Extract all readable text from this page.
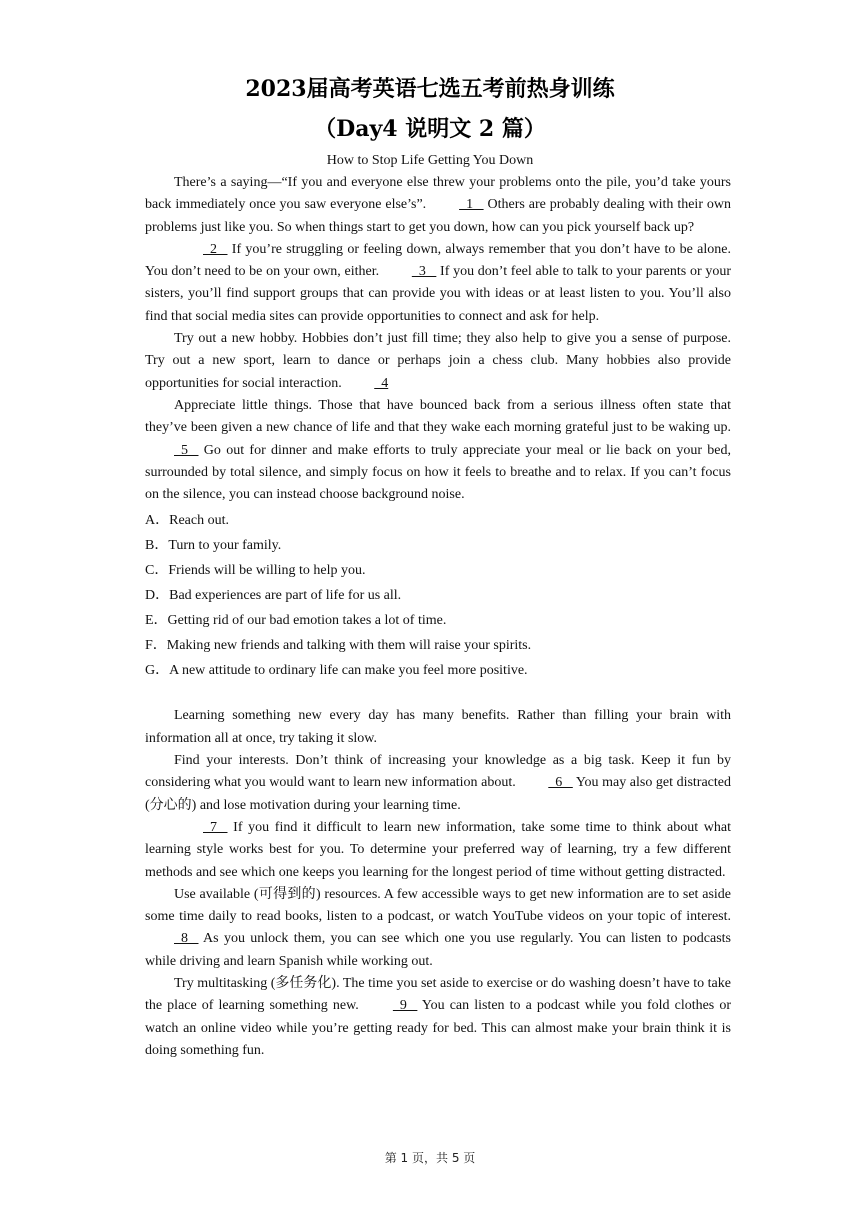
2023届高考英语七选五考前热身训练
（Day4 说明文 2 篇）
How to Stop Life Getting You Down

There’s a saying—“If you and everyone else threw your problems onto the pile, you’d take yours back immediately once you saw everyone else’s”.   1    Others are probably dealing with their own problems just like you. So when things start to get you down, how can you pick yourself back up?

2    If you’re struggling or feeling down, always remember that you don’t have to be alone. You don’t need to be on your own, either.   3    If you don’t feel able to talk to your parents or your sisters, you’ll find support groups that can provide you with ideas or at least listen to you. You’ll also find that social media sites can provide opportunities to connect and ask for help.

Try out a new hobby. Hobbies don’t just fill time; they also help to give you a sense of purpose. Try out a new sport, learn to dance or perhaps join a chess club. Many hobbies also provide opportunities for social interaction.   4

Appreciate little things. Those that have bounced back from a serious illness often state that they’ve been given a new chance of life and that they wake each morning grateful just to be waking up.   5    Go out for dinner and make efforts to truly appreciate your meal or lie back on your bed, surrounded by total silence, and simply focus on how it feels to breathe and to relax. If you can’t focus on the silence, you can instead choose background noise.

A．Reach out.

B．Turn to your family.

C．Friends will be willing to help you.

D．Bad experiences are part of life for us all.

E．Getting rid of our bad emotion takes a lot of time.

F．Making new friends and talking with them will raise your spirits.

G．A new attitude to ordinary life can make you feel more positive.

Learning something new every day has many benefits. Rather than filling your brain with information all at once, try taking it slow.

Find your interests. Don’t think of increasing your knowledge as a big task. Keep it fun by considering what you would want to learn new information about.   6    You may also get distracted (分心的) and lose motivation during your learning time.

7    If you find it difficult to learn new information, take some time to think about what learning style works best for you. To determine your preferred way of learning, try a few different methods and see which one keeps you learning for the longest period of time without getting distracted.

Use available (可得到的) resources. A few accessible ways to get new information are to set aside some time daily to read books, listen to a podcast, or watch YouTube videos on your topic of interest.     8    As you unlock them, you can see which one you use regularly. You can listen to podcasts while driving and learn Spanish while working out.

Try multitasking (多任务化). The time you set aside to exercise or do washing doesn’t have to take the place of learning something new.   9    You can listen to a podcast while you fold clothes or watch an online video while you’re getting ready for bed. This can almost make your brain think it is doing something fun.

第 1 页，共 5 页
